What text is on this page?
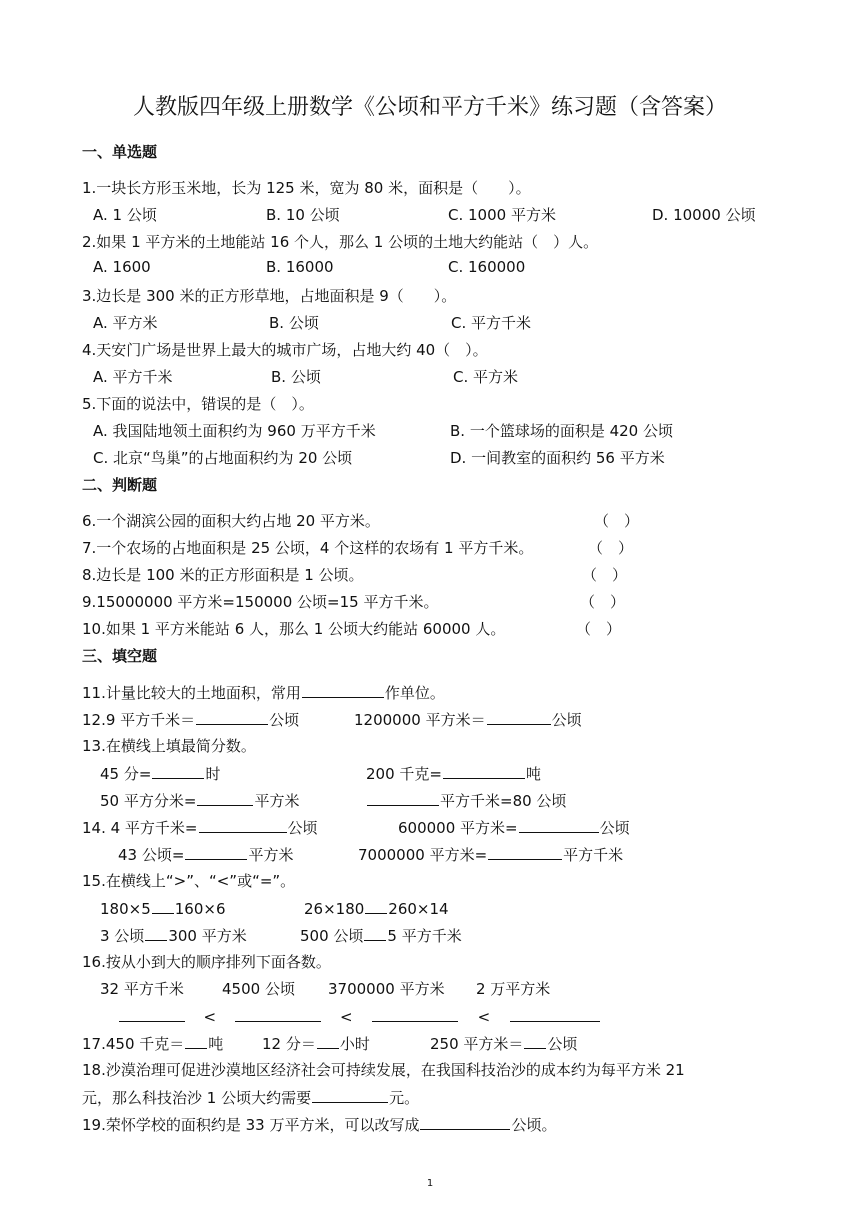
人教版四年级上册数学《公顷和平方千米》练习题（含答案）
一、单选题
1.一块长方形玉米地，长为 125 米，宽为 80 米，面积是（　　）。
A. 1 公顷	B. 10 公顷	C. 1000 平方米	D. 10000 公顷
2.如果 1 平方米的土地能站 16 个人，那么 1 公顷的土地大约能站（　）人。
A. 1600	B. 16000	C. 160000
3.边长是 300 米的正方形草地，占地面积是 9（　　）。
A. 平方米	B. 公顷	C. 平方千米
4.天安门广场是世界上最大的城市广场，占地大约 40（　）。
A. 平方千米	B. 公顷	C. 平方米
5.下面的说法中，错误的是（　）。
A. 我国陆地领土面积约为 960 万平方千米	B. 一个篮球场的面积是 420 公顷
C. 北京“鸟巢”的占地面积约为 20 公顷	D. 一间教室的面积约 56 平方米
二、判断题
6.一个湖滨公园的面积大约占地 20 平方米。	（　）
7.一个农场的占地面积是 25 公顷，4 个这样的农场有 1 平方千米。	（　）
8.边长是 100 米的正方形面积是 1 公顷。	（　）
9.15000000 平方米=150000 公顷=15 平方千米。	（　）
10.如果 1 平方米能站 6 人，那么 1 公顷大约能站 60000 人。	（　）
三、填空题
11.计量比较大的土地面积，常用	作单位。
12.9 平方千米＝	公顷	1200000 平方米＝	公顷
13.在横线上填最简分数。
45 分=	时	200 千克=	吨
50 平方分米=	平方米	平方千米=80 公顷
14. 4 平方千米=	公顷	600000 平方米=	公顷
43 公顷=	平方米	7000000 平方米=	平方千米
15.在横线上“>”、“<”或“=”。
180×5 160×6	26×180 260×14
3 公顷 300 平方米	500 公顷 5 平方千米
16.按从小到大的顺序排列下面各数。
32 平方千米	4500 公顷 3700000 平方米 2 万平方米
<	<	<
17.450 千克＝ 吨	12 分＝ 小时	250 平方米＝ 公顷
18.沙漠治理可促进沙漠地区经济社会可持续发展，在我国科技治沙的成本约为每平方米 21
元，那么科技治沙 1 公顷大约需要	元。
19.荣怀学校的面积约是 33 万平方米，可以改写成	公顷。
1
